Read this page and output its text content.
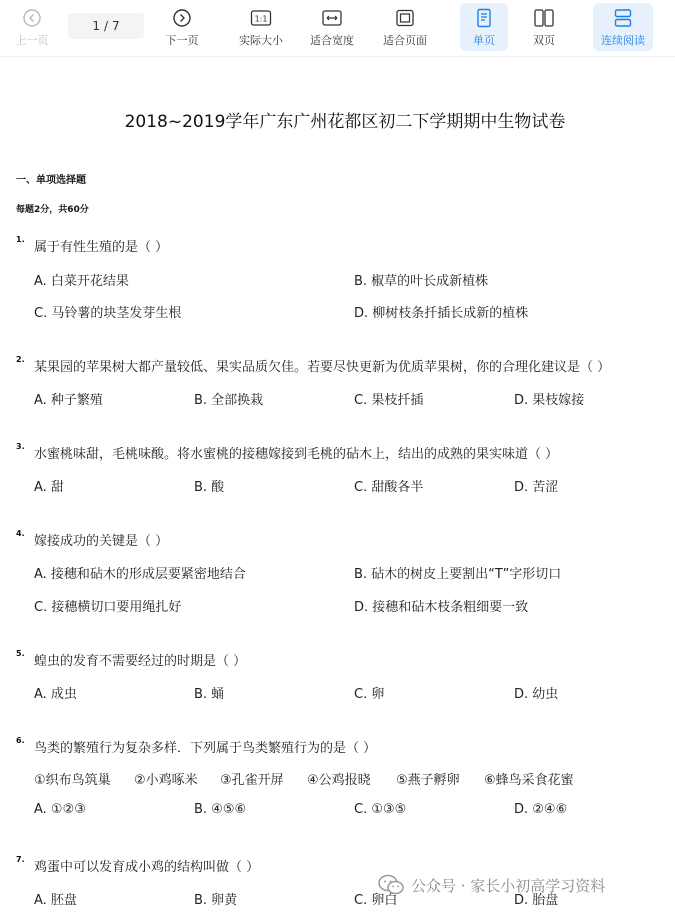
上一页
1 / 7
下一页
1:1
实际大小 适合宽度	适合页面	单页	双页	连续阅读
2018~2019学年广东广州花都区初二下学期期中生物试卷
一、单项选择题
每题2分，共60分
1.
属于有性生殖的是（ ）
A. 白菜开花结果	B. 椒草的叶长成新植株
C. 马铃薯的块茎发芽生根	D. 柳树枝条扦插长成新的植株
2.
某果园的苹果树大都产量较低、果实品质欠佳。若要尽快更新为优质苹果树，你的合理化建议是（ ）
A. 种子繁殖	B. 全部换栽	C. 果枝扦插	D. 果枝嫁接
3.
水蜜桃味甜，毛桃味酸。将水蜜桃的接穗嫁接到毛桃的砧木上，结出的成熟的果实味道（ ）
A. 甜	B. 酸	C. 甜酸各半	D. 苦涩
4.
嫁接成功的关键是（ ）
A. 接穗和砧木的形成层要紧密地结合	B. 砧木的树皮上要割出“T”字形切口
C. 接穗横切口要用绳扎好	D. 接穗和砧木枝条粗细要一致
5.
蝗虫的发育不需要经过的时期是（ ）
A. 成虫	B. 蛹	C. 卵	D. 幼虫
6.
鸟类的繁殖行为复杂多样．下列属于鸟类繁殖行为的是（ ）
①织布鸟筑巢 ②小鸡啄米 ③孔雀开屏 ④公鸡报晓 ⑤燕子孵卵 ⑥蜂鸟采食花蜜
A. ①②③	B. ④⑤⑥	C. ①③⑤	D. ②④⑥
7.
鸡蛋中可以发育成小鸡的结构叫做（ ）
A. 胚盘	B. 卵黄	C. 卵白	D. 胎盘
公众号 · 家长小初高学习资料
